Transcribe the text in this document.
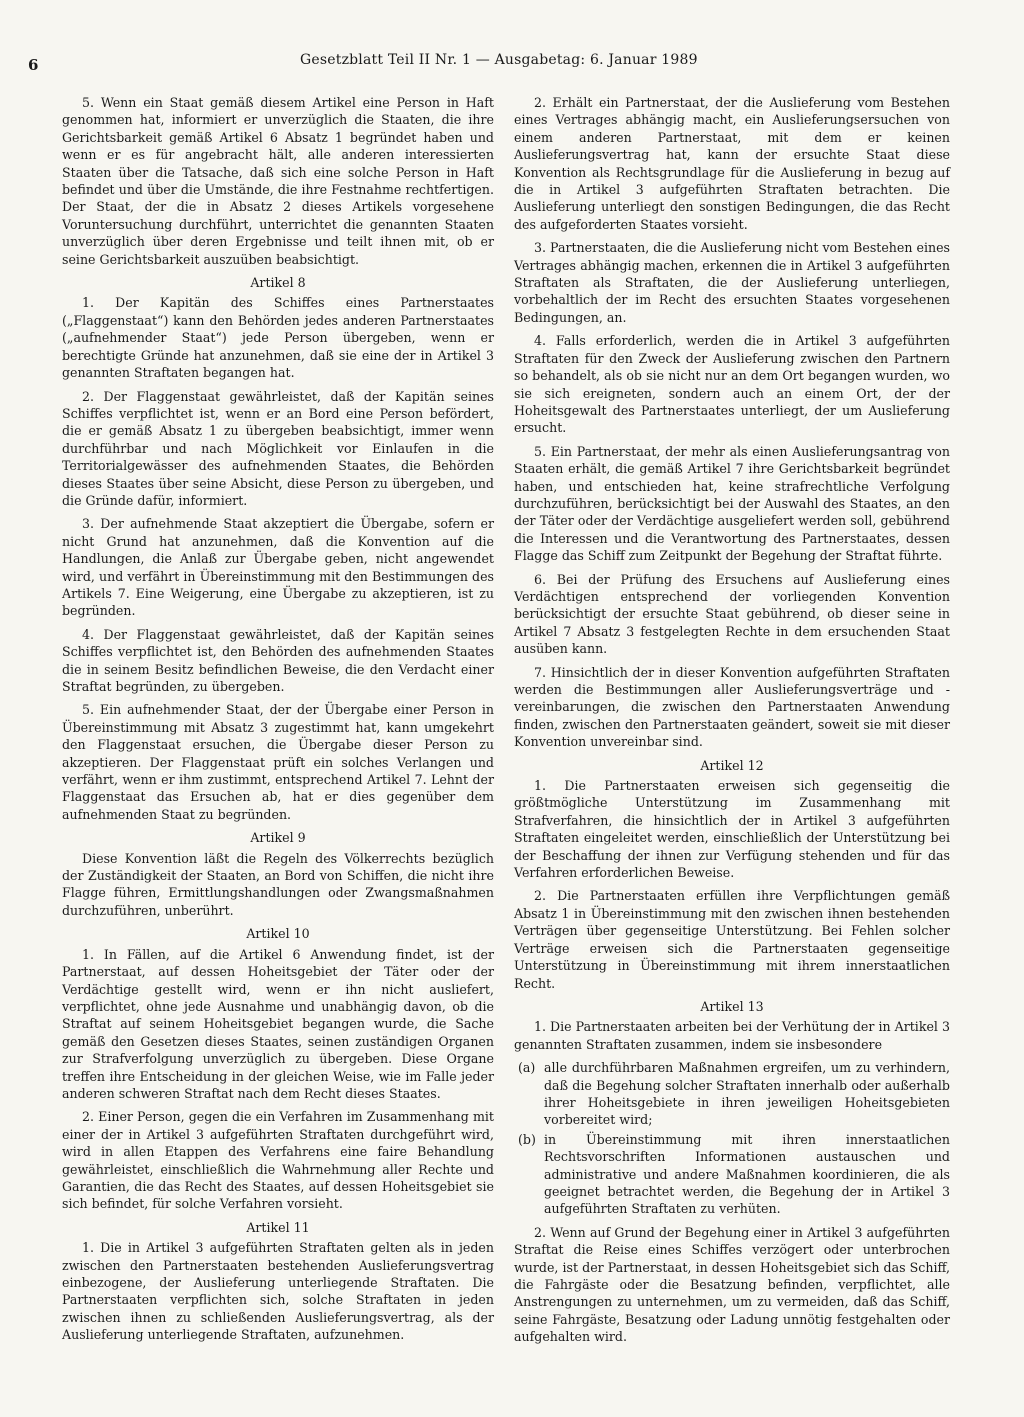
6	Gesetzblatt Teil II Nr. 1 — Ausgabetag: 6. Januar 1989

5. Wenn ein Staat gemäß diesem Artikel eine Person in Haft genommen hat, informiert er unverzüglich die Staaten, die ihre Gerichtsbarkeit gemäß Artikel 6 Absatz 1 begründet haben und wenn er es für angebracht hält, alle anderen interessierten Staaten über die Tatsache, daß sich eine solche Person in Haft befindet und über die Umstände, die ihre Festnahme rechtfertigen. Der Staat, der die in Absatz 2 dieses Artikels vorgesehene Voruntersuchung durchführt, unterrichtet die genannten Staaten unverzüglich über deren Ergebnisse und teilt ihnen mit, ob er seine Gerichtsbarkeit auszuüben beabsichtigt.

Artikel 8

1. Der Kapitän des Schiffes eines Partnerstaates („Flaggenstaat“) kann den Behörden jedes anderen Partnerstaates („aufnehmender Staat“) jede Person übergeben, wenn er berechtigte Gründe hat anzunehmen, daß sie eine der in Artikel 3 genannten Straftaten begangen hat.

2. Der Flaggenstaat gewährleistet, daß der Kapitän seines Schiffes verpflichtet ist, wenn er an Bord eine Person befördert, die er gemäß Absatz 1 zu übergeben beabsichtigt, immer wenn durchführbar und nach Möglichkeit vor Einlaufen in die Territorialgewässer des aufnehmenden Staates, die Behörden dieses Staates über seine Absicht, diese Person zu übergeben, und die Gründe dafür, informiert.

3. Der aufnehmende Staat akzeptiert die Übergabe, sofern er nicht Grund hat anzunehmen, daß die Konvention auf die Handlungen, die Anlaß zur Übergabe geben, nicht angewendet wird, und verfährt in Übereinstimmung mit den Bestimmungen des Artikels 7. Eine Weigerung, eine Übergabe zu akzeptieren, ist zu begründen.

4. Der Flaggenstaat gewährleistet, daß der Kapitän seines Schiffes verpflichtet ist, den Behörden des aufnehmenden Staates die in seinem Besitz befindlichen Beweise, die den Verdacht einer Straftat begründen, zu übergeben.

5. Ein aufnehmender Staat, der der Übergabe einer Person in Übereinstimmung mit Absatz 3 zugestimmt hat, kann umgekehrt den Flaggenstaat ersuchen, die Übergabe dieser Person zu akzeptieren. Der Flaggenstaat prüft ein solches Verlangen und verfährt, wenn er ihm zustimmt, entsprechend Artikel 7. Lehnt der Flaggenstaat das Ersuchen ab, hat er dies gegenüber dem aufnehmenden Staat zu begründen.

Artikel 9

Diese Konvention läßt die Regeln des Völkerrechts bezüglich der Zuständigkeit der Staaten, an Bord von Schiffen, die nicht ihre Flagge führen, Ermittlungshandlungen oder Zwangsmaßnahmen durchzuführen, unberührt.

Artikel 10

1. In Fällen, auf die Artikel 6 Anwendung findet, ist der Partnerstaat, auf dessen Hoheitsgebiet der Täter oder der Verdächtige gestellt wird, wenn er ihn nicht ausliefert, verpflichtet, ohne jede Ausnahme und unabhängig davon, ob die Straftat auf seinem Hoheitsgebiet begangen wurde, die Sache gemäß den Gesetzen dieses Staates, seinen zuständigen Organen zur Strafverfolgung unverzüglich zu übergeben. Diese Organe treffen ihre Entscheidung in der gleichen Weise, wie im Falle jeder anderen schweren Straftat nach dem Recht dieses Staates.

2. Einer Person, gegen die ein Verfahren im Zusammenhang mit einer der in Artikel 3 aufgeführten Straftaten durchgeführt wird, wird in allen Etappen des Verfahrens eine faire Behandlung gewährleistet, einschließlich die Wahrnehmung aller Rechte und Garantien, die das Recht des Staates, auf dessen Hoheitsgebiet sie sich befindet, für solche Verfahren vorsieht.

Artikel 11

1. Die in Artikel 3 aufgeführten Straftaten gelten als in jeden zwischen den Partnerstaaten bestehenden Auslieferungsvertrag einbezogene, der Auslieferung unterliegende Straftaten. Die Partnerstaaten verpflichten sich, solche Straftaten in jeden zwischen ihnen zu schließenden Auslieferungsvertrag, als der Auslieferung unterliegende Straftaten, aufzunehmen.

2. Erhält ein Partnerstaat, der die Auslieferung vom Bestehen eines Vertrages abhängig macht, ein Auslieferungsersuchen von einem anderen Partnerstaat, mit dem er keinen Auslieferungsvertrag hat, kann der ersuchte Staat diese Konvention als Rechtsgrundlage für die Auslieferung in bezug auf die in Artikel 3 aufgeführten Straftaten betrachten. Die Auslieferung unterliegt den sonstigen Bedingungen, die das Recht des aufgeforderten Staates vorsieht.

3. Partnerstaaten, die die Auslieferung nicht vom Bestehen eines Vertrages abhängig machen, erkennen die in Artikel 3 aufgeführten Straftaten als Straftaten, die der Auslieferung unterliegen, vorbehaltlich der im Recht des ersuchten Staates vorgesehenen Bedingungen, an.

4. Falls erforderlich, werden die in Artikel 3 aufgeführten Straftaten für den Zweck der Auslieferung zwischen den Partnern so behandelt, als ob sie nicht nur an dem Ort begangen wurden, wo sie sich ereigneten, sondern auch an einem Ort, der der Hoheitsgewalt des Partnerstaates unterliegt, der um Auslieferung ersucht.

5. Ein Partnerstaat, der mehr als einen Auslieferungsantrag von Staaten erhält, die gemäß Artikel 7 ihre Gerichtsbarkeit begründet haben, und entschieden hat, keine strafrechtliche Verfolgung durchzuführen, berücksichtigt bei der Auswahl des Staates, an den der Täter oder der Verdächtige ausgeliefert werden soll, gebührend die Interessen und die Verantwortung des Partnerstaates, dessen Flagge das Schiff zum Zeitpunkt der Begehung der Straftat führte.

6. Bei der Prüfung des Ersuchens auf Auslieferung eines Verdächtigen entsprechend der vorliegenden Konvention berücksichtigt der ersuchte Staat gebührend, ob dieser seine in Artikel 7 Absatz 3 festgelegten Rechte in dem ersuchenden Staat ausüben kann.

7. Hinsichtlich der in dieser Konvention aufgeführten Straftaten werden die Bestimmungen aller Auslieferungsverträge und -vereinbarungen, die zwischen den Partnerstaaten Anwendung finden, zwischen den Partnerstaaten geändert, soweit sie mit dieser Konvention unvereinbar sind.

Artikel 12

1. Die Partnerstaaten erweisen sich gegenseitig die größtmögliche Unterstützung im Zusammenhang mit Strafverfahren, die hinsichtlich der in Artikel 3 aufgeführten Straftaten eingeleitet werden, einschließlich der Unterstützung bei der Beschaffung der ihnen zur Verfügung stehenden und für das Verfahren erforderlichen Beweise.

2. Die Partnerstaaten erfüllen ihre Verpflichtungen gemäß Absatz 1 in Übereinstimmung mit den zwischen ihnen bestehenden Verträgen über gegenseitige Unterstützung. Bei Fehlen solcher Verträge erweisen sich die Partnerstaaten gegenseitige Unterstützung in Übereinstimmung mit ihrem innerstaatlichen Recht.

Artikel 13

1. Die Partnerstaaten arbeiten bei der Verhütung der in Artikel 3 genannten Straftaten zusammen, indem sie insbesondere

(a) alle durchführbaren Maßnahmen ergreifen, um zu verhindern, daß die Begehung solcher Straftaten innerhalb oder außerhalb ihrer Hoheitsgebiete in ihren jeweiligen Hoheitsgebieten vorbereitet wird;
(b) in Übereinstimmung mit ihren innerstaatlichen Rechtsvorschriften Informationen austauschen und administrative und andere Maßnahmen koordinieren, die als geeignet betrachtet werden, die Begehung der in Artikel 3 aufgeführten Straftaten zu verhüten.

2. Wenn auf Grund der Begehung einer in Artikel 3 aufgeführten Straftat die Reise eines Schiffes verzögert oder unterbrochen wurde, ist der Partnerstaat, in dessen Hoheitsgebiet sich das Schiff, die Fahrgäste oder die Besatzung befinden, verpflichtet, alle Anstrengungen zu unternehmen, um zu vermeiden, daß das Schiff, seine Fahrgäste, Besatzung oder Ladung unnötig festgehalten oder aufgehalten wird.
